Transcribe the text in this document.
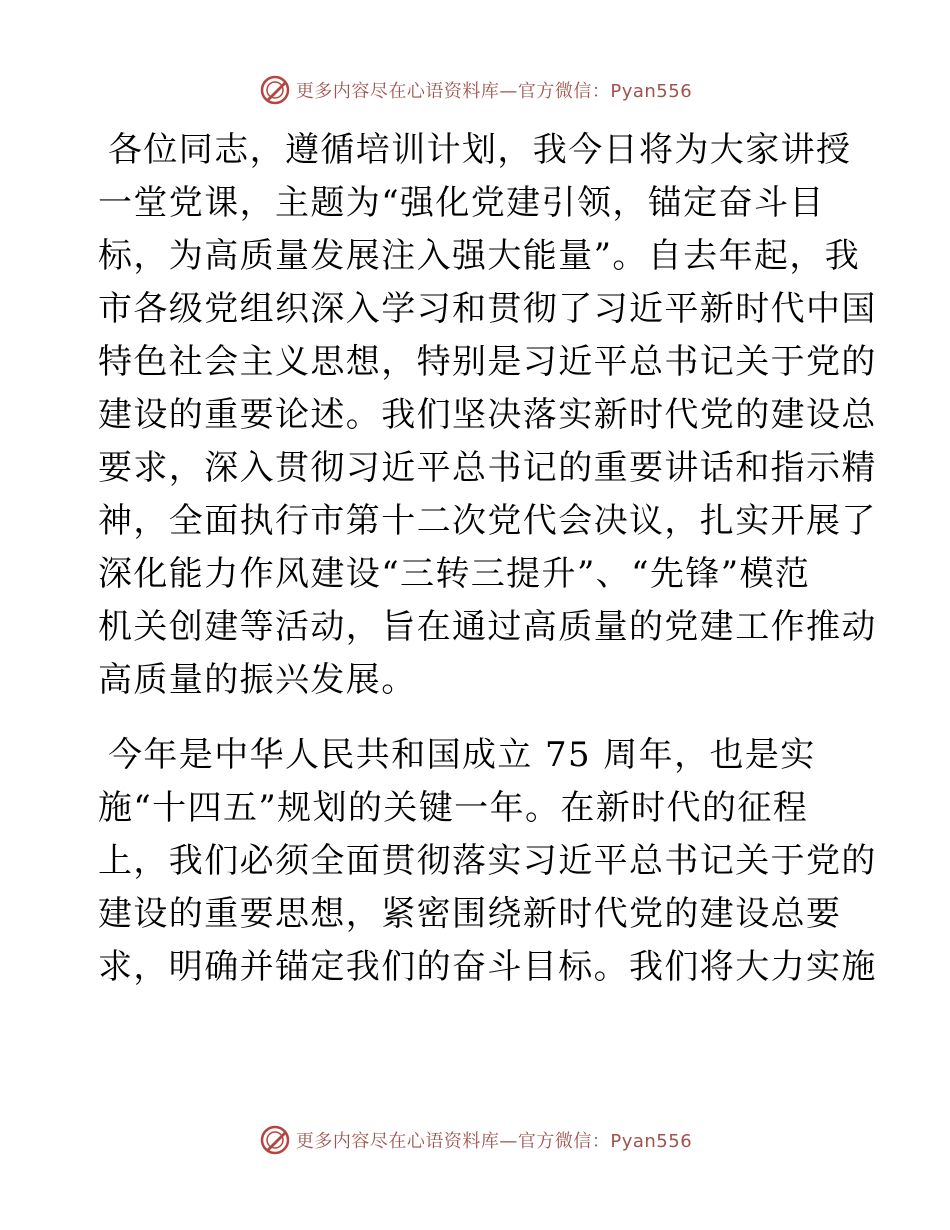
更多内容尽在心语资料库—官方微信：Pyan556
各位同志，遵循培训计划，我今日将为大家讲授
一堂党课，主题为“强化党建引领，锚定奋斗目
标，为高质量发展注入强大能量”。自去年起，我
市各级党组织深入学习和贯彻了习近平新时代中国
特色社会主义思想，特别是习近平总书记关于党的
建设的重要论述。我们坚决落实新时代党的建设总
要求，深入贯彻习近平总书记的重要讲话和指示精
神，全面执行市第十二次党代会决议，扎实开展了
深化能力作风建设“三转三提升”、“先锋”模范
机关创建等活动，旨在通过高质量的党建工作推动
高质量的振兴发展。
今年是中华人民共和国成立 75 周年，也是实
施“十四五”规划的关键一年。在新时代的征程
上，我们必须全面贯彻落实习近平总书记关于党的
建设的重要思想，紧密围绕新时代党的建设总要
求，明确并锚定我们的奋斗目标。我们将大力实施
更多内容尽在心语资料库—官方微信：Pyan556
